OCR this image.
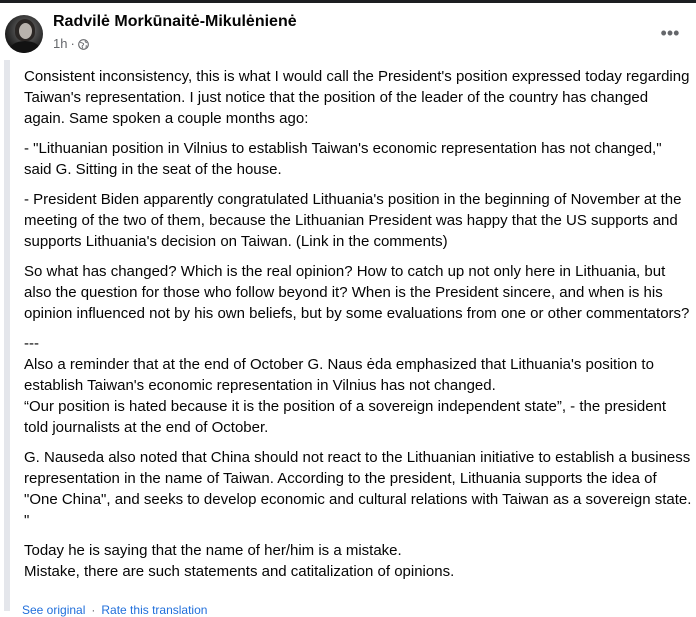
Radvilė Morkūnaitė-Mikulėnienė
1h ·
•••

Consistent inconsistency, this is what I would call the President's position expressed today regarding Taiwan's representation. I just notice that the position of the leader of the country has changed again. Same spoken a couple months ago:

- "Lithuanian position in Vilnius to establish Taiwan's economic representation has not changed," said G. Sitting in the seat of the house.

- President Biden apparently congratulated Lithuania's position in the beginning of November at the meeting of the two of them, because the Lithuanian President was happy that the US supports and supports Lithuania's decision on Taiwan. (Link in the comments)

So what has changed? Which is the real opinion? How to catch up not only here in Lithuania, but also the question for those who follow beyond it? When is the President sincere, and when is his opinion influenced not by his own beliefs, but by some evaluations from one or other commentators?

---

Also a reminder that at the end of October G. Naus ėda emphasized that Lithuania's position to establish Taiwan's economic representation in Vilnius has not changed.

“Our position is hated because it is the position of a sovereign independent state”, - the president told journalists at the end of October.

G. Nauseda also noted that China should not react to the Lithuanian initiative to establish a business representation in the name of Taiwan. According to the president, Lithuania supports the idea of "One China", and seeks to develop economic and cultural relations with Taiwan as a sovereign state. "

Today he is saying that the name of her/him is a mistake.

Mistake, there are such statements and catitalization of opinions.

See original · Rate this translation
